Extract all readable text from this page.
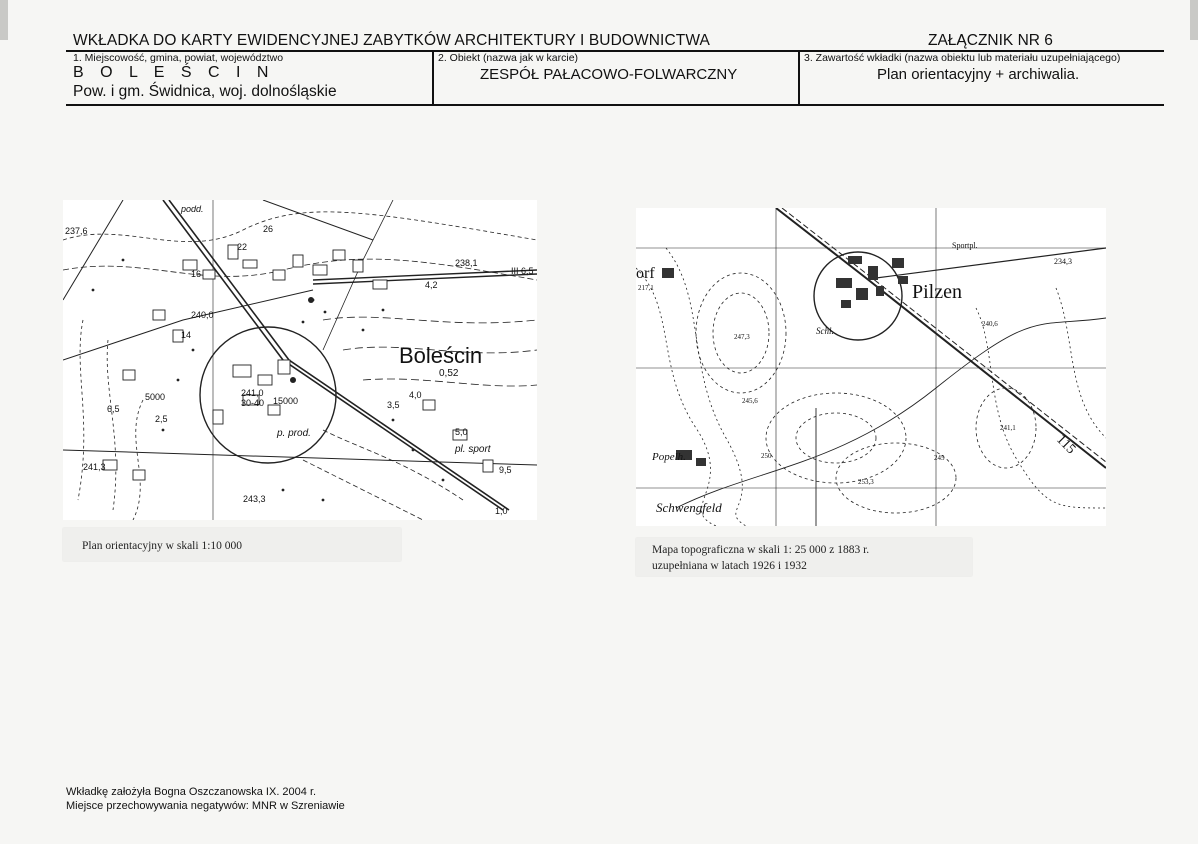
WKŁADKA DO KARTY EWIDENCYJNEJ ZABYTKÓW ARCHITEKTURY I BUDOWNICTWA	ZAŁĄCZNIK NR 6
1. Miejscowość, gmina, powiat, województwo
B O L E Ś C I N
Pow. i gm. Świdnica, woj. dolnośląskie
2. Obiekt (nazwa jak w karcie)
ZESPÓŁ PAŁACOWO-FOLWARCZNY
3. Zawartość wkładki (nazwa obiektu lub materiału uzupełniającego)
Plan orientacyjny + archiwalia.
Boleścin
237,6
240,0
241,0
241,3
243,3
238,1
0,52
30-40
5000	15000
4,0
3,5
9,5
1,0
5,0
26
22
16
14
6,5
2,5
4,2
III 6,5
podd.
p. prod.
pl. sport
Plan orientacyjny w skali 1:10 000
Pilzen
Sportpl.
234,3
Schl.
247,3
245,6
250	245
253,3
240,6
241,1
115
Popelh.
Schwengfeld
orf
217,1
Mapa topograficzna w skali 1: 25 000 z 1883 r.
uzupełniana w latach 1926 i 1932
Wkładkę założyła Bogna Oszczanowska IX. 2004 r.
Miejsce przechowywania negatywów: MNR w Szreniawie
